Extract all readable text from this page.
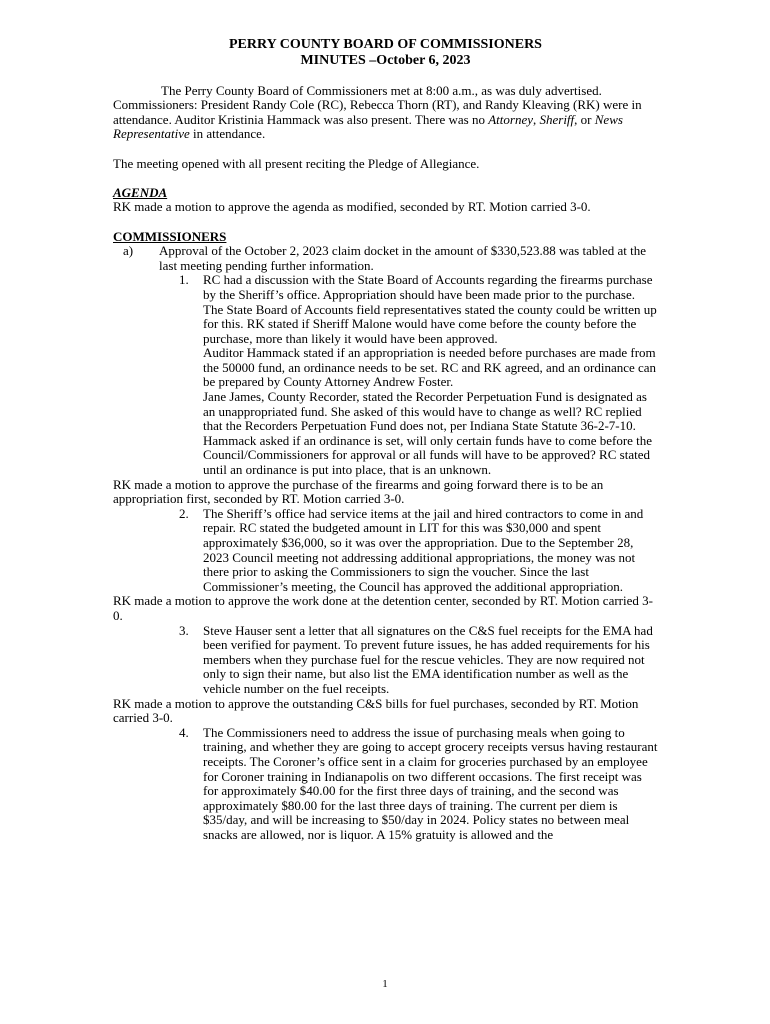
PERRY COUNTY BOARD OF COMMISSIONERS

MINUTES –October 6, 2023

The Perry County Board of Commissioners met at 8:00 a.m., as was duly advertised. Commissioners: President Randy Cole (RC), Rebecca Thorn (RT), and Randy Kleaving (RK) were in attendance. Auditor Kristinia Hammack was also present. There was no Attorney, Sheriff, or News Representative in attendance.

The meeting opened with all present reciting the Pledge of Allegiance.

AGENDA

RK made a motion to approve the agenda as modified, seconded by RT. Motion carried 3-0.

COMMISSIONERS

a)	Approval of the October 2, 2023 claim docket in the amount of $330,523.88 was tabled at the last meeting pending further information.
1.	RC had a discussion with the State Board of Accounts regarding the firearms purchase by the Sheriff’s office. Appropriation should have been made prior to the purchase. The State Board of Accounts field representatives stated the county could be written up for this. RK stated if Sheriff Malone would have come before the county before the purchase, more than likely it would have been approved.

Auditor Hammack stated if an appropriation is needed before purchases are made from the 50000 fund, an ordinance needs to be set. RC and RK agreed, and an ordinance can be prepared by County Attorney Andrew Foster.

Jane James, County Recorder, stated the Recorder Perpetuation Fund is designated as an unappropriated fund. She asked of this would have to change as well? RC replied that the Recorders Perpetuation Fund does not, per Indiana State Statute 36-2-7-10. Hammack asked if an ordinance is set, will only certain funds have to come before the Council/Commissioners for approval or all funds will have to be approved? RC stated until an ordinance is put into place, that is an unknown.

RK made a motion to approve the purchase of the firearms and going forward there is to be an appropriation first, seconded by RT. Motion carried 3-0.

2.	The Sheriff’s office had service items at the jail and hired contractors to come in and repair. RC stated the budgeted amount in LIT for this was $30,000 and spent approximately $36,000, so it was over the appropriation. Due to the September 28, 2023 Council meeting not addressing additional appropriations, the money was not there prior to asking the Commissioners to sign the voucher. Since the last Commissioner’s meeting, the Council has approved the additional appropriation.

RK made a motion to approve the work done at the detention center, seconded by RT. Motion carried 3-0.

3.	Steve Hauser sent a letter that all signatures on the C&S fuel receipts for the EMA had been verified for payment. To prevent future issues, he has added requirements for his members when they purchase fuel for the rescue vehicles. They are now required not only to sign their name, but also list the EMA identification number as well as the vehicle number on the fuel receipts.

RK made a motion to approve the outstanding C&S bills for fuel purchases, seconded by RT. Motion carried 3-0.

4.	The Commissioners need to address the issue of purchasing meals when going to training, and whether they are going to accept grocery receipts versus having restaurant receipts. The Coroner’s office sent in a claim for groceries purchased by an employee for Coroner training in Indianapolis on two different occasions. The first receipt was for approximately $40.00 for the first three days of training, and the second was approximately $80.00 for the last three days of training. The current per diem is $35/day, and will be increasing to $50/day in 2024. Policy states no between meal snacks are allowed, nor is liquor. A 15% gratuity is allowed and the
1
